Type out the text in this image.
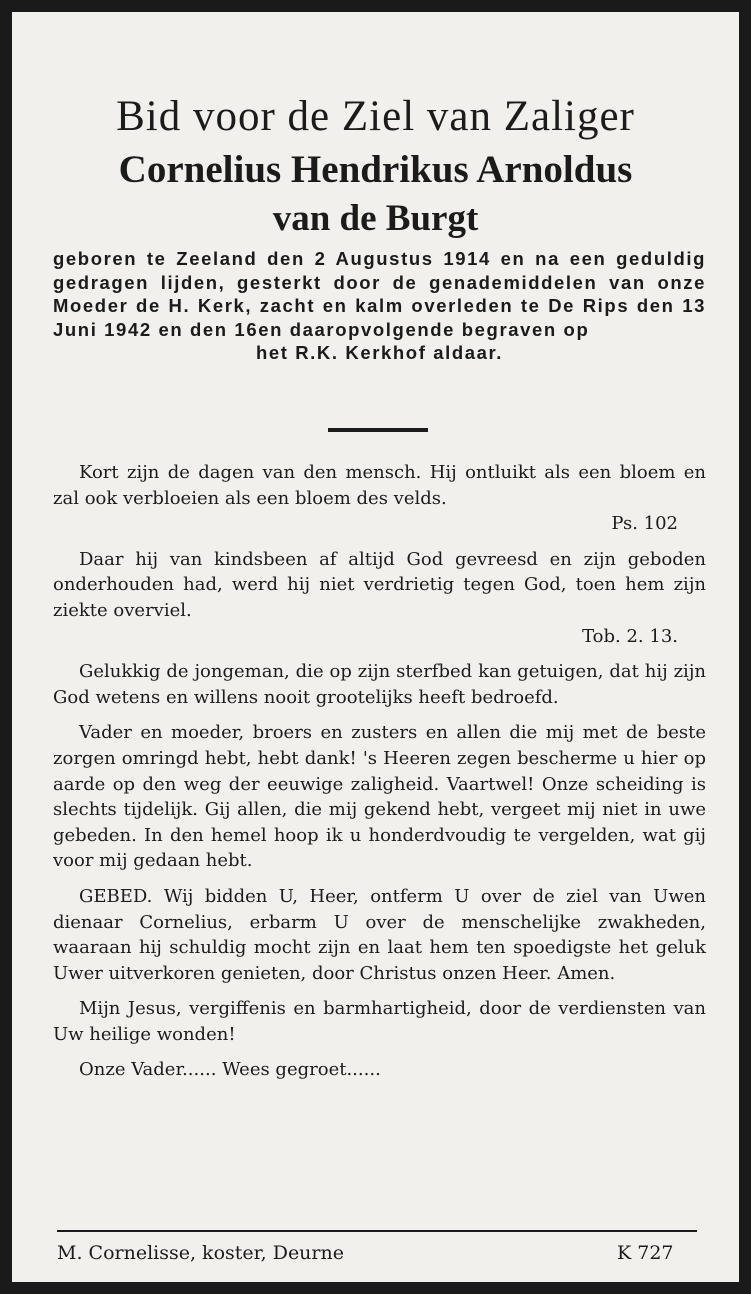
Bid voor de Ziel van Zaliger
Cornelius Hendrikus Arnoldus
van de Burgt
geboren te Zeeland den 2 Augustus 1914 en na een geduldig gedragen lijden, gesterkt door de genademiddelen van onze Moeder de H. Kerk, zacht en kalm overleden te De Rips den 13 Juni 1942 en den 16en daaropvolgende begraven op
het R.K. Kerkhof aldaar.

Kort zijn de dagen van den mensch. Hij ontluikt als een bloem en zal ook verbloeien als een bloem des velds.
Ps. 102

Daar hij van kindsbeen af altijd God gevreesd en zijn geboden onderhouden had, werd hij niet verdrietig tegen God, toen hem zijn ziekte overviel.
Tob. 2. 13.

Gelukkig de jongeman, die op zijn sterfbed kan getuigen, dat hij zijn God wetens en willens nooit grootelijks heeft bedroefd.

Vader en moeder, broers en zusters en allen die mij met de beste zorgen omringd hebt, hebt dank! 's Heeren zegen bescherme u hier op aarde op den weg der eeuwige zaligheid. Vaartwel! Onze scheiding is slechts tijdelijk. Gij allen, die mij gekend hebt, vergeet mij niet in uwe gebeden. In den hemel hoop ik u honderdvoudig te vergelden, wat gij voor mij gedaan hebt.

GEBED. Wij bidden U, Heer, ontferm U over de ziel van Uwen dienaar Cornelius, erbarm U over de menschelijke zwakheden, waaraan hij schuldig mocht zijn en laat hem ten spoedigste het geluk Uwer uitverkoren genieten, door Christus onzen Heer. Amen.

Mijn Jesus, vergiffenis en barmhartigheid, door de verdiensten van Uw heilige wonden!

Onze Vader...... Wees gegroet......

M. Cornelisse, koster, Deurne	K 727
